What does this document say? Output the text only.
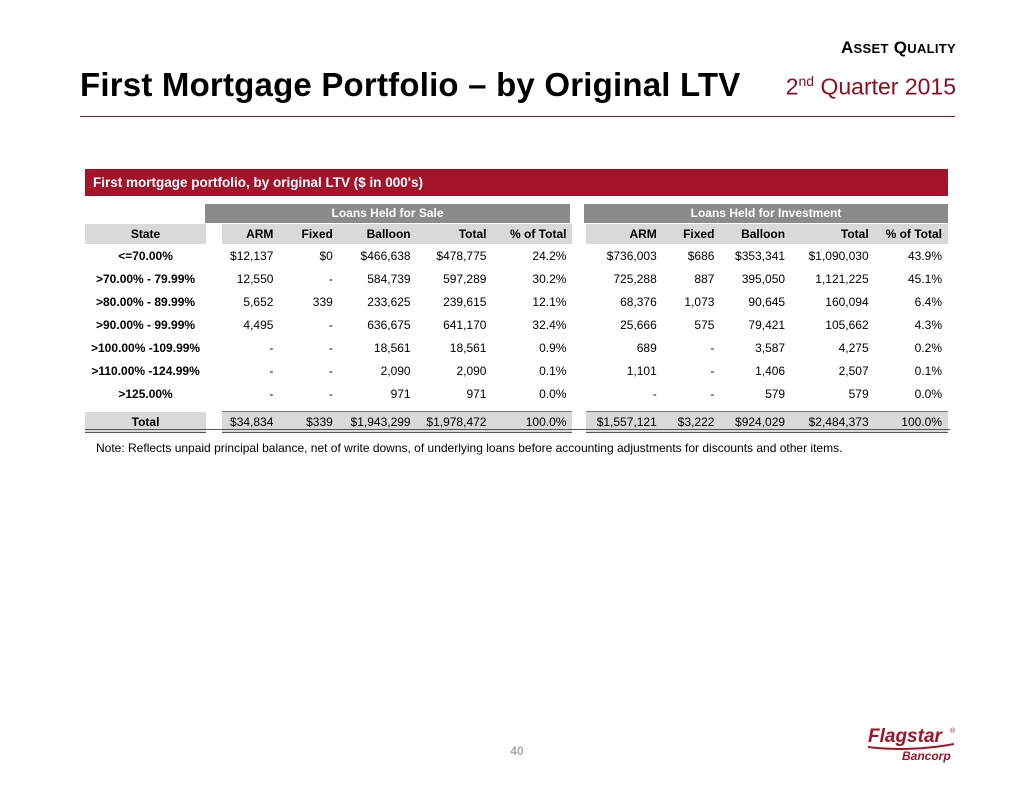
ASSET QUALITY
First Mortgage Portfolio – by Original LTV 2nd Quarter 2015
First mortgage portfolio, by original LTV ($ in 000's)
Loans Held for Sale	Loans Held for Investment
State		ARM	Fixed	Balloon	Total	% of Total		ARM	Fixed	Balloon	Total	% of Total
<=70.00%		$12,137	$0	$466,638	$478,775	24.2%		$736,003	$686	$353,341	$1,090,030	43.9%
>70.00% - 79.99%		12,550	-	584,739	597,289	30.2%		725,288	887	395,050	1,121,225	45.1%
>80.00% - 89.99%		5,652	339	233,625	239,615	12.1%		68,376	1,073	90,645	160,094	6.4%
>90.00% - 99.99%		4,495	-	636,675	641,170	32.4%		25,666	575	79,421	105,662	4.3%
>100.00% -109.99%		-	-	18,561	18,561	0.9%		689	-	3,587	4,275	0.2%
>110.00% -124.99%		-	-	2,090	2,090	0.1%		1,101	-	1,406	2,507	0.1%
>125.00%		-	-	971	971	0.0%		-	-	579	579	0.0%

Total		$34,834	$339	$1,943,299	$1,978,472	100.0%		$1,557,121	$3,222	$924,029	$2,484,373	100.0%
Note: Reflects unpaid principal balance, net of write downs, of underlying loans before accounting adjustments for discounts and other items.
40
Flagstar ®
Bancorp
